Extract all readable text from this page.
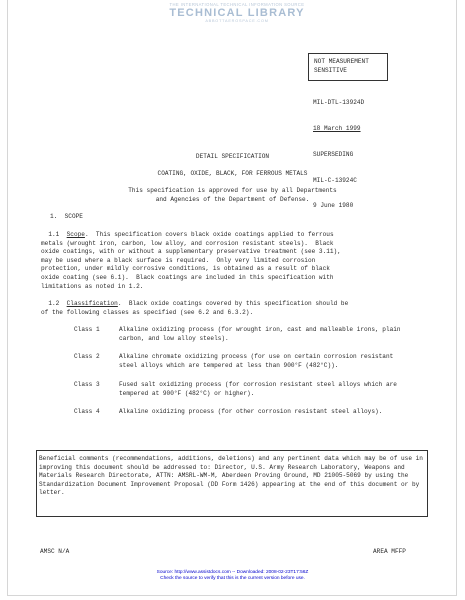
THE INTERNATIONAL TECHNICAL INFORMATION SOURCE
TECHNICAL LIBRARY
ABBOTTAEROSPACE.COM
NOT MEASUREMENT
SENSITIVE

MIL-DTL-13924D

18 March 1999

SUPERSEDING

MIL-C-13924C

9 June 1980

DETAIL SPECIFICATION
COATING, OXIDE, BLACK, FOR FERROUS METALS
This specification is approved for use by all Departments
and Agencies of the Department of Defense.
1.  SCOPE
1.1 Scope.  This specification covers black oxide coatings applied to ferrous
metals (wrought iron, carbon, low alloy, and corrosion resistant steels).  Black
oxide coatings, with or without a supplementary preservative treatment (see 3.11),
may be used where a black surface is required.  Only very limited corrosion
protection, under mildly corrosive conditions, is obtained as a result of black
oxide coating (see 6.1).  Black coatings are included in this specification with
limitations as noted in 1.2.
1.2 Classification.  Black oxide coatings covered by this specification should be
of the following classes as specified (see 6.2 and 6.3.2).

Class 1

	Alkaline oxidizing process (for wrought iron, cast and malleable irons, plain carbon, and low alloy steels).

Class 2

	Alkaline chromate oxidizing process (for use on certain corrosion resistant steel alloys which are tempered at less than 900°F (482°C)).

Class 3

	Fused salt oxidizing process (for corrosion resistant steel alloys which are tempered at 900°F (482°C) or higher).

Class 4

	Alkaline oxidizing process (for other corrosion resistant steel alloys).

Beneficial comments (recommendations, additions, deletions) and any pertinent data which may be of use in improving this document should be addressed to: Director, U.S. Army Research Laboratory, Weapons and Materials Research Directorate, ATTN: AMSRL-WM-M, Aberdeen Proving Ground, MD 21005-5069 by using the Standardization Document Improvement Proposal (DD Form 1426) appearing at the end of this document or by letter.
AMSC N/A	AREA MFFP
Source: http://www.assistdocs.com -- Downloaded: 2008-02-23T17:56Z
Check the source to verify that this is the current version before use.
